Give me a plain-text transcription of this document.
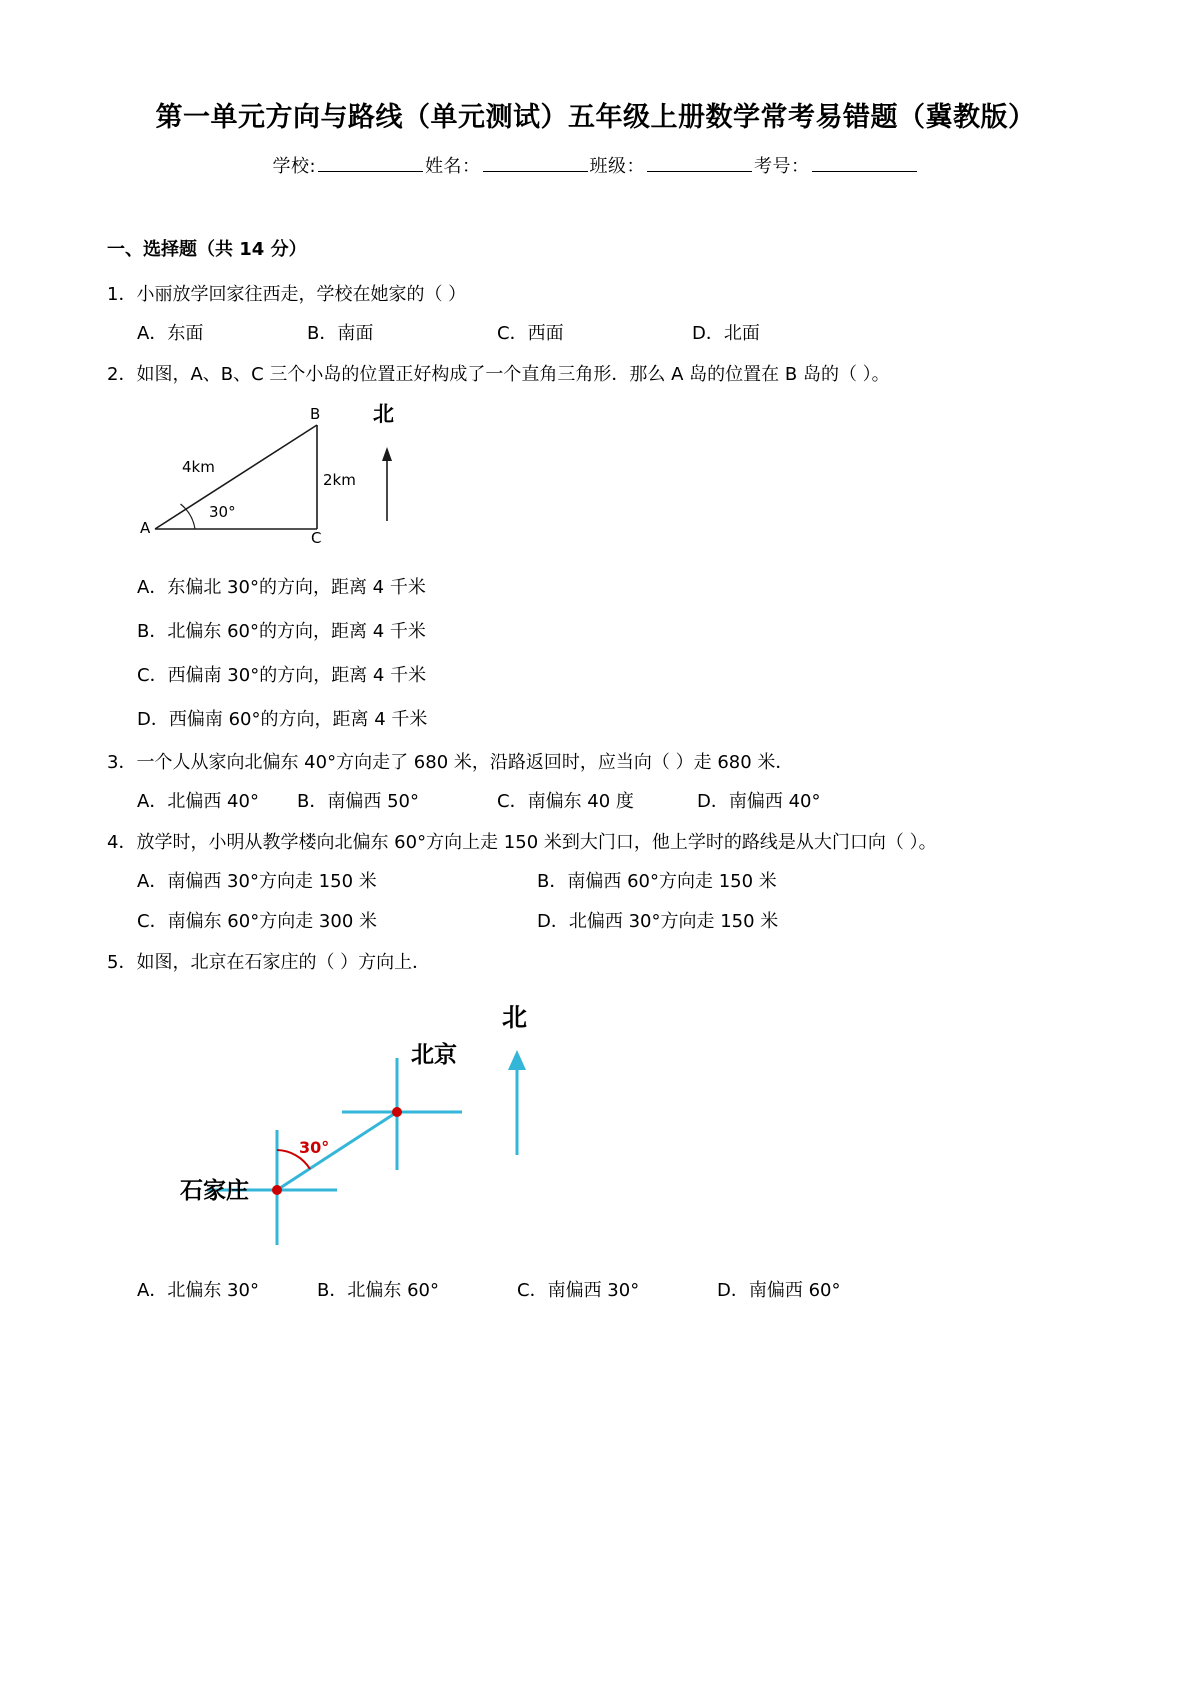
第一单元方向与路线（单元测试）五年级上册数学常考易错题（冀教版）
学校:	姓名：	班级：	考号：
一、选择题（共 14 分）
1．小丽放学回家往西走，学校在她家的（ ）
A．东面	B．南面	C．西面	D．北面
2．如图，A、B、C 三个小岛的位置正好构成了一个直角三角形．那么 A 岛的位置在 B 岛的（ ）。
A
B
C
4km
2km
30°
北
A．东偏北 30°的方向，距离 4 千米
B．北偏东 60°的方向，距离 4 千米
C．西偏南 30°的方向，距离 4 千米
D．西偏南 60°的方向，距离 4 千米
3．一个人从家向北偏东 40°方向走了 680 米，沿路返回时，应当向（ ）走 680 米．
A．北偏西 40° B．南偏西 50°	C．南偏东 40 度	D．南偏西 40°
4．放学时，小明从教学楼向北偏东 60°方向上走 150 米到大门口，他上学时的路线是从大门口向（ ）。
A．南偏西 30°方向走 150 米	B．南偏西 60°方向走 150 米
C．南偏东 60°方向走 300 米	D．北偏西 30°方向走 150 米
5．如图，北京在石家庄的（ ）方向上．
北京
石家庄
30°
北
A．北偏东 30°	B．北偏东 60°	C．南偏西 30°	D．南偏西 60°
